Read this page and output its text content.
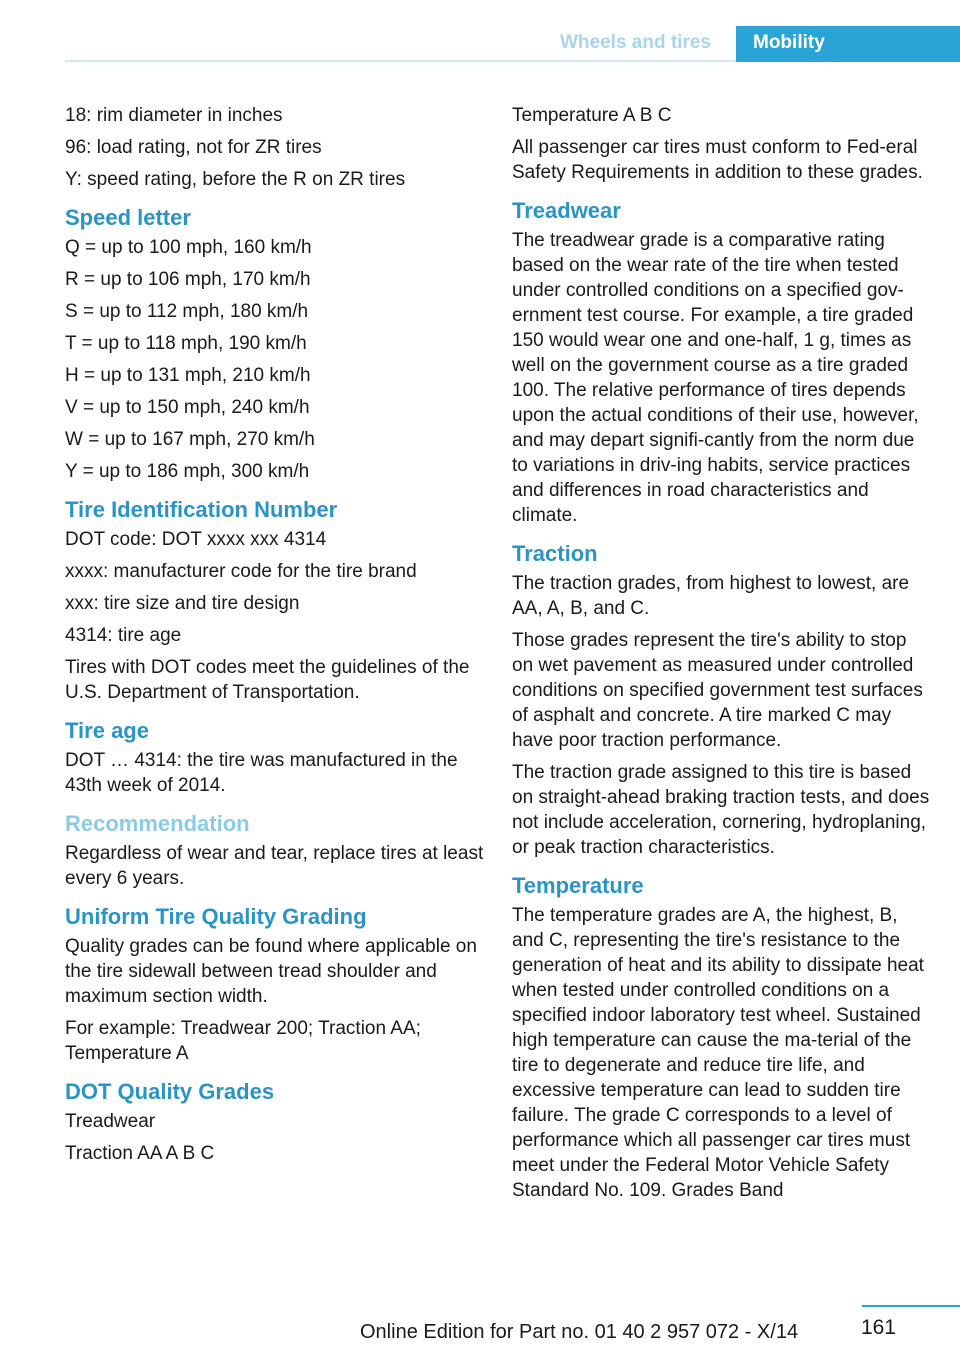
Wheels and tires	Mobility
18: rim diameter in inches
96: load rating, not for ZR tires
Y: speed rating, before the R on ZR tires
Speed letter
Q = up to 100 mph, 160 km/h
R = up to 106 mph, 170 km/h
S = up to 112 mph, 180 km/h
T = up to 118 mph, 190 km/h
H = up to 131 mph, 210 km/h
V = up to 150 mph, 240 km/h
W = up to 167 mph, 270 km/h
Y = up to 186 mph, 300 km/h
Tire Identification Number
DOT code: DOT xxxx xxx 4314
xxxx: manufacturer code for the tire brand
xxx: tire size and tire design
4314: tire age
Tires with DOT codes meet the guidelines of the U.S. Department of Transportation.
Tire age
DOT … 4314: the tire was manufactured in the 43th week of 2014.
Recommendation
Regardless of wear and tear, replace tires at least every 6 years.
Uniform Tire Quality Grading
Quality grades can be found where applicable on the tire sidewall between tread shoulder and maximum section width.
For example: Treadwear 200; Traction AA; Temperature A
DOT Quality Grades
Treadwear
Traction AA A B C
Temperature A B C
All passenger car tires must conform to Fed‐eral Safety Requirements in addition to these grades.
Treadwear
The treadwear grade is a comparative rating based on the wear rate of the tire when tested under controlled conditions on a specified gov‐ernment test course. For example, a tire graded 150 would wear one and one-half, 1 g, times as well on the government course as a tire graded 100. The relative performance of tires depends upon the actual conditions of their use, however, and may depart signifi‐cantly from the norm due to variations in driv‐ing habits, service practices and differences in road characteristics and climate.
Traction
The traction grades, from highest to lowest, are AA, A, B, and C.
Those grades represent the tire's ability to stop on wet pavement as measured under controlled conditions on specified government test surfaces of asphalt and concrete. A tire marked C may have poor traction performance.
The traction grade assigned to this tire is based on straight-ahead braking traction tests, and does not include acceleration, cornering, hydroplaning, or peak traction characteristics.
Temperature
The temperature grades are A, the highest, B, and C, representing the tire's resistance to the generation of heat and its ability to dissipate heat when tested under controlled conditions on a specified indoor laboratory test wheel. Sustained high temperature can cause the ma‐terial of the tire to degenerate and reduce tire life, and excessive temperature can lead to sudden tire failure. The grade C corresponds to a level of performance which all passenger car tires must meet under the Federal Motor Vehicle Safety Standard No. 109. Grades Band
161
Online Edition for Part no. 01 40 2 957 072 - X/14
